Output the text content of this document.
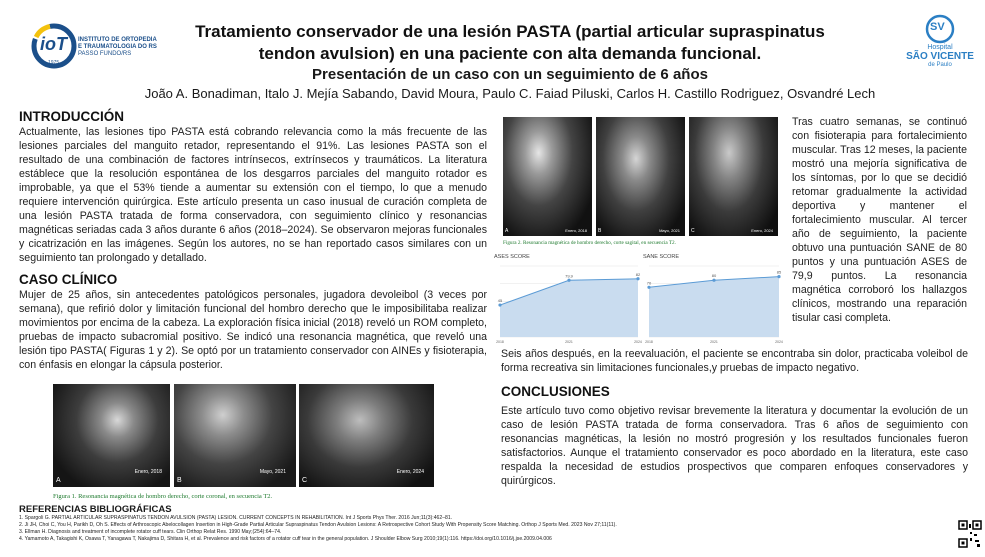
ioT
1975
INSTITUTO DE ORTOPEDIA
E TRAUMATOLOGIA DO RS
PASSO FUNDO/RS
SV
Hospital
SÃO VICENTE
de Paulo
Tratamiento conservador de una lesión PASTA (partial articular supraspinatus
tendon avulsion) en una paciente con alta demanda funcional.
Presentación de un caso con un seguimiento de 6 años
João A. Bonadiman, Italo J. Mejía Sabando, David Moura, Paulo C. Faiad Piluski, Carlos H. Castillo Rodriguez, Osvandré Lech
INTRODUCCIÓN
Actualmente, las lesiones tipo PASTA está cobrando relevancia como la más frecuente de las lesiones parciales del manguito retador, representando el 91%. Las lesiones PASTA son el resultado de una combinación de factores intrínsecos, extrínsecos y traumáticos. La literatura estáblece que la resolución espontánea de los desgarros parciales del manguito rotador es improbable, ya que el 53% tiende a aumentar su extensión con el tiempo, lo que a menudo requiere intervención quirúrgica. Este artículo presenta un caso inusual de curación completa de una lesión PASTA tratada de forma conservadora, con seguimiento clínico y resonancias magnéticas seriadas cada 3 años durante 6 años (2018–2024). Se observaron mejoras funcionales y cicatrización en las imágenes. Según los autores, no se han reportado casos similares con un seguimiento tan prolongado y detallado.
CASO CLÍNICO
Mujer de 25 años, sin antecedentes patológicos personales, jugadora devoleibol (3 veces por semana), que refirió dolor y limitación funcional del hombro derecho que le imposibilitaba realizar movimientos por encima de la cabeza. La exploración física inicial (2018) reveló un ROM completo, pruebas de impacto subacromial positivo. Se indicó una resonancia magnética, que reveló una lesión tipo PASTA( Figuras 1 y 2). Se optó por un tratamiento conservador con AINEs y fisioterapia, con énfasis en elongar la cápsula posterior.
A
Enero, 2018
B
Mayo, 2021
C
Enero, 2024
Figura 1. Resonancia magnética de hombro derecho, corte coronal, en secuencia T2.
REFERENCIAS BIBLIOGRÁFICAS
1. Spargoli G. PARTIAL ARTICULAR SUPRASPINATUS TENDON AVULSION (PASTA) LESION. CURRENT CONCEPTS IN REHABILITATION. Int J Sports Phys Ther. 2016 Jun;11(3):462–81.
2. Ji JH, Choi C, You H, Parikh D, Oh S. Effects of Arthroscopic Abelocollagen Insertion in High-Grade Partial Articular Supraspinatus Tendon Avulsion Lesions: A Retrospective Cohort Study With Propensity Score Matching. Orthop J Sports Med. 2023 Nov 27;11(11).
3. Ellman H. Diagnosis and treatment of incomplete rotator cuff tears. Clin Orthop Relat Res. 1990 May;(254):64–74.
4. Yamamoto A, Takagishi K, Osawa T, Yanagawa T, Nakajima D, Shitara H, et al. Prevalence and risk factors of a rotator cuff tear in the general population. J Shoulder Elbow Surg 2010;19(1):116. https://doi.org/10.1016/j.jse.2009.04.006
A	Enero, 2018 B	Mayo, 2021 C	Enero, 2024
Figura 2. Resonancia magnética de hombro derecho, corte sagital, en secuencia T2.
ASES SCORE
45
2018
79,9
2021
82
2024
SANE SCORE
70
2018
80
2021
85
2024
Tras cuatro semanas, se continuó con fisioterapia para fortalecimiento muscular. Tras 12 meses, la paciente mostró una mejoría significativa de los síntomas, por lo que se decidió retomar gradualmente la actividad deportiva y mantener el fortalecimiento muscular. Al tercer año de seguimiento, la paciente obtuvo una puntuación SANE de 80 puntos y una puntuación ASES de 79,9 puntos. La resonancia magnética corroboró los hallazgos clínicos, mostrando una reparación tisular casi completa.
Seis años después, en la reevaluación, el paciente se encontraba sin dolor, practicaba voleibol de forma recreativa sin limitaciones funcionales,y pruebas de impacto negativo.
CONCLUSIONES
Este artículo tuvo como objetivo revisar brevemente la literatura y documentar la evolución de un caso de lesión PASTA tratada de forma conservadora. Tras 6 años de seguimiento con resonancias magnéticas, la lesión no mostró progresión y los resultados funcionales fueron satisfactorios. Aunque el tratamiento conservador es poco abordado en la literatura, este caso respalda la necesidad de estudios prospectivos que comparen enfoques conservadores y quirúrgicos.
